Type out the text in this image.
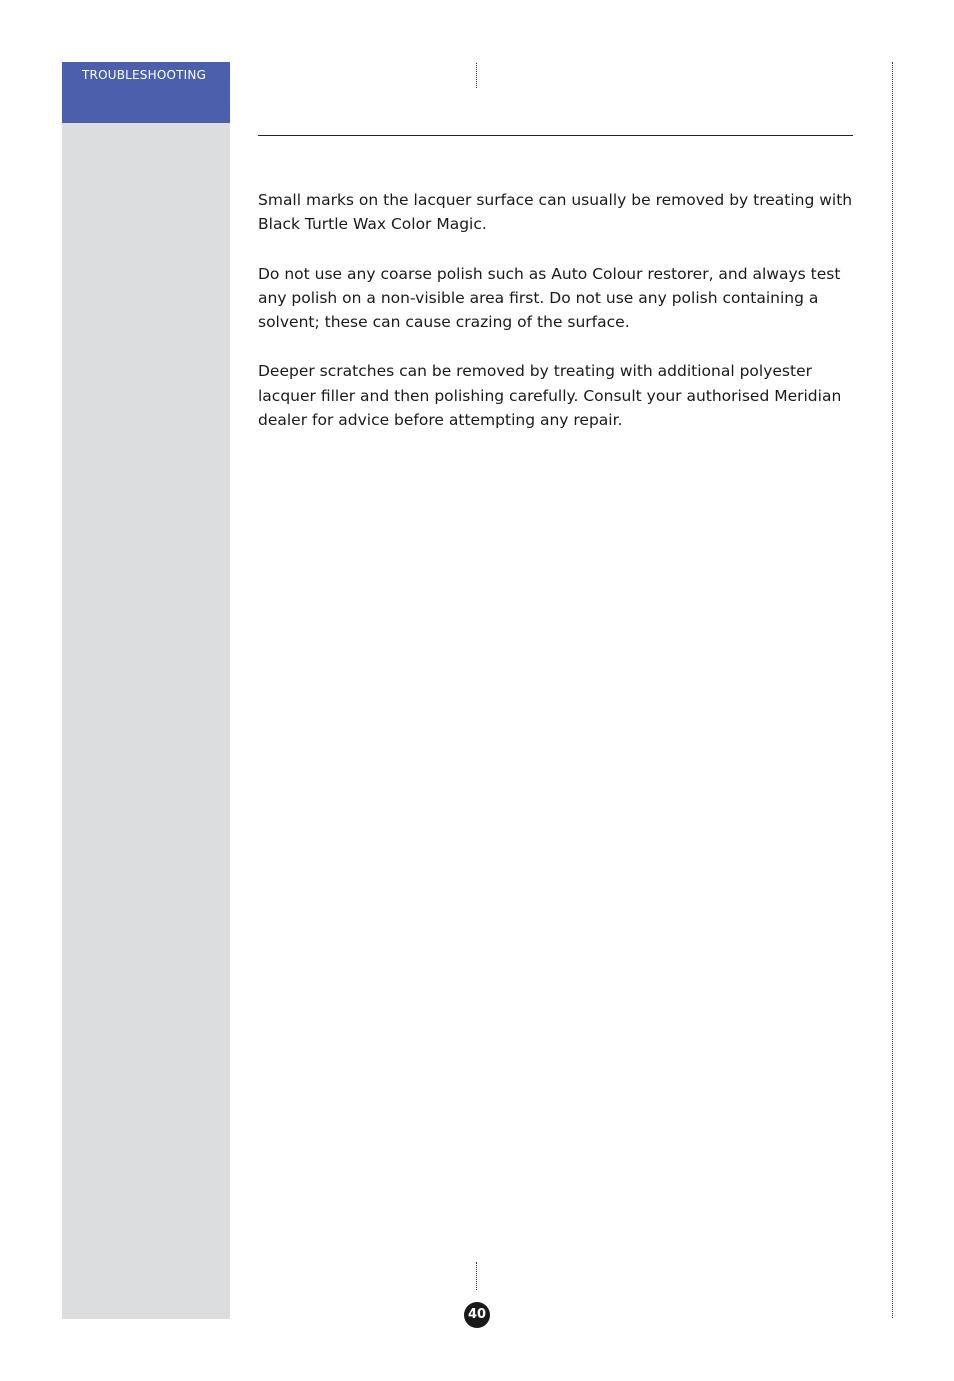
TROUBLESHOOTING

Small marks on the lacquer surface can usually be removed by treating with Black Turtle Wax Color Magic.

Do not use any coarse polish such as Auto Colour restorer, and always test any polish on a non-visible area first. Do not use any polish containing a solvent; these can cause crazing of the surface.

Deeper scratches can be removed by treating with additional polyester lacquer filler and then polishing carefully. Consult your authorised Meridian dealer for advice before attempting any repair.

40
